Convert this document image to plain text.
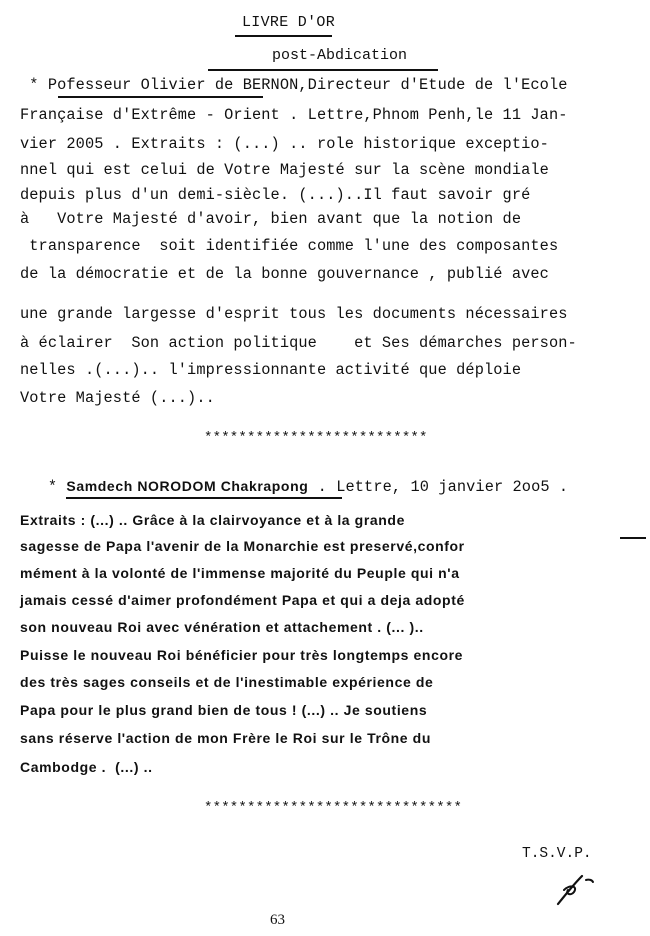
LIVRE D'OR
post-Abdication
* Pofesseur Olivier de BERNON,Directeur d'Etude de l'Ecole
Française d'Extrême - Orient . Lettre,Phnom Penh,le 11 Jan-
vier 2005 . Extraits : (...) .. role historique exceptio-
nnel qui est celui de Votre Majesté sur la scène mondiale
depuis plus d'un demi-siècle. (...)..Il faut savoir gré
à   Votre Majesté d'avoir, bien avant que la notion de
transparence  soit identifiée comme l'une des composantes
de la démocratie et de la bonne gouvernance , publié avec
une grande largesse d'esprit tous les documents nécessaires
à éclairer  Son action politique    et Ses démarches person-
nelles .(...).. l'impressionnante activité que déploie
Votre Majesté (...)..
**************************
* Samdech NORODOM Chakrapong . Lettre, 10 janvier 2oo5 .
Extraits : (...) .. Grâce à la clairvoyance et à la grande
sagesse de Papa l'avenir de la Monarchie est preservé,confor
mément à la volonté de l'immense majorité du Peuple qui n'a
jamais cessé d'aimer profondément Papa et qui a deja adopté
son nouveau Roi avec vénération et attachement . (... )..
Puisse le nouveau Roi bénéficier pour très longtemps encore
des très sages conseils et de l'inestimable expérience de
Papa pour le plus grand bien de tous ! (...) .. Je soutiens
sans réserve l'action de mon Frère le Roi sur le Trône du
Cambodge .  (...) ..
******************************
T.S.V.P.
63
